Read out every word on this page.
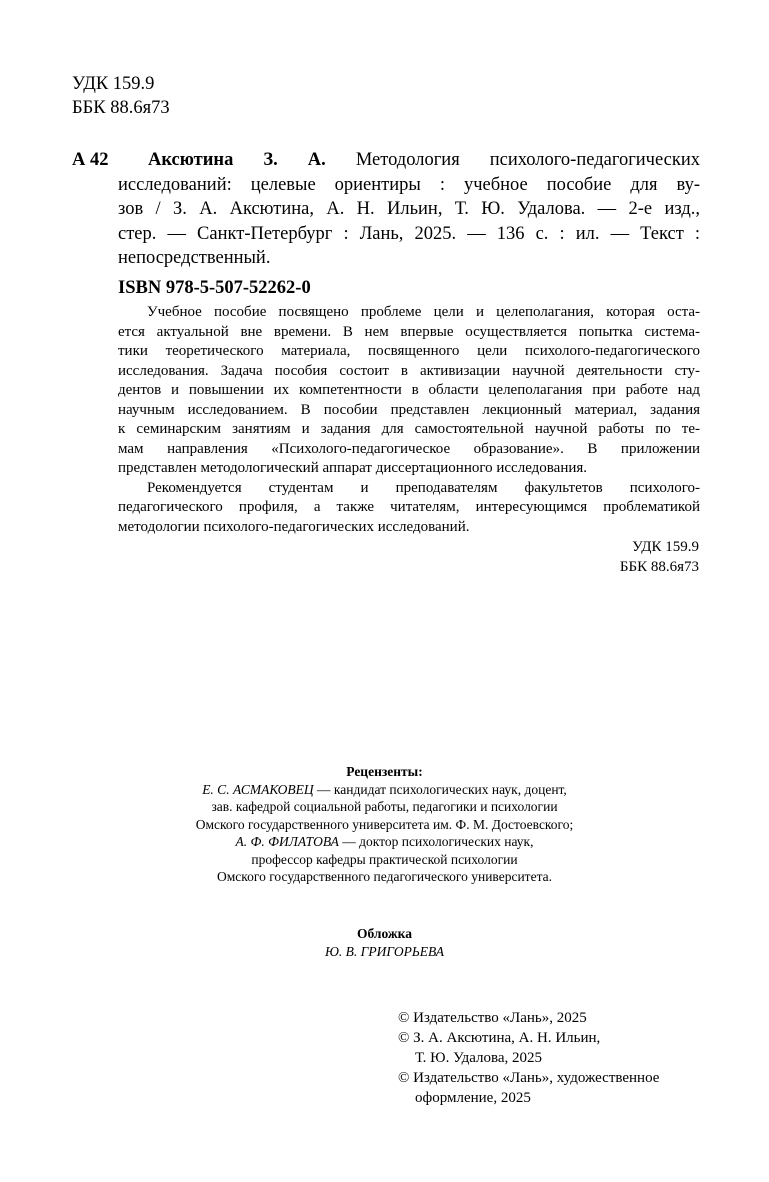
УДК 159.9
ББК 88.6я73
А 42 Аксютина З. А. Методология психолого-педагогических
исследований: целевые ориентиры : учебное пособие для ву-
зов / З. А. Аксютина, А. Н. Ильин, Т. Ю. Удалова. — 2-е изд.,
стер. — Санкт-Петербург : Лань, 2025. — 136 с. : ил. — Текст :
непосредственный.
ISBN 978-5-507-52262-0
Учебное пособие посвящено проблеме цели и целеполагания, которая оста-
ется актуальной вне времени. В нем впервые осуществляется попытка система-
тики теоретического материала, посвященного цели психолого-педагогического
исследования. Задача пособия состоит в активизации научной деятельности сту-
дентов и повышении их компетентности в области целеполагания при работе над
научным исследованием. В пособии представлен лекционный материал, задания
к семинарским занятиям и задания для самостоятельной научной работы по те-
мам направления «Психолого-педагогическое образование». В приложении
представлен методологический аппарат диссертационного исследования.
Рекомендуется студентам и преподавателям факультетов психолого-
педагогического профиля, а также читателям, интересующимся проблематикой
методологии психолого-педагогических исследований.
УДК 159.9
ББК 88.6я73
Рецензенты:
Е. С. АСМАКОВЕЦ — кандидат психологических наук, доцент,
зав. кафедрой социальной работы, педагогики и психологии
Омского государственного университета им. Ф. М. Достоевского;
А. Ф. ФИЛАТОВА — доктор психологических наук,
профессор кафедры практической психологии
Омского государственного педагогического университета.
Обложка
Ю. В. ГРИГОРЬЕВА
© Издательство «Лань», 2025
© З. А. Аксютина, А. Н. Ильин,
Т. Ю. Удалова, 2025
© Издательство «Лань», художественное
оформление, 2025
